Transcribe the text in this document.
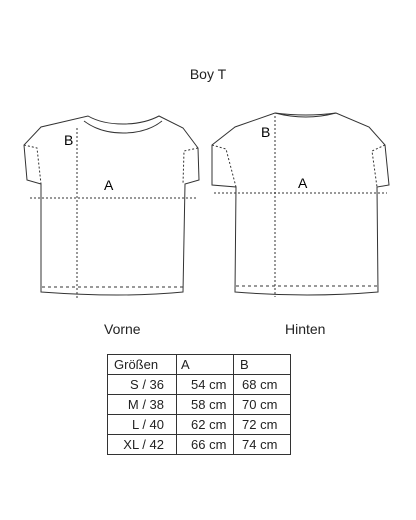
Boy T
B
A
B
A
Vorne	Hinten
Größen	A	B
S / 36	54 cm	68 cm
M / 38	58 cm	70 cm
L / 40	62 cm	72 cm
XL / 42	66 cm	74 cm
